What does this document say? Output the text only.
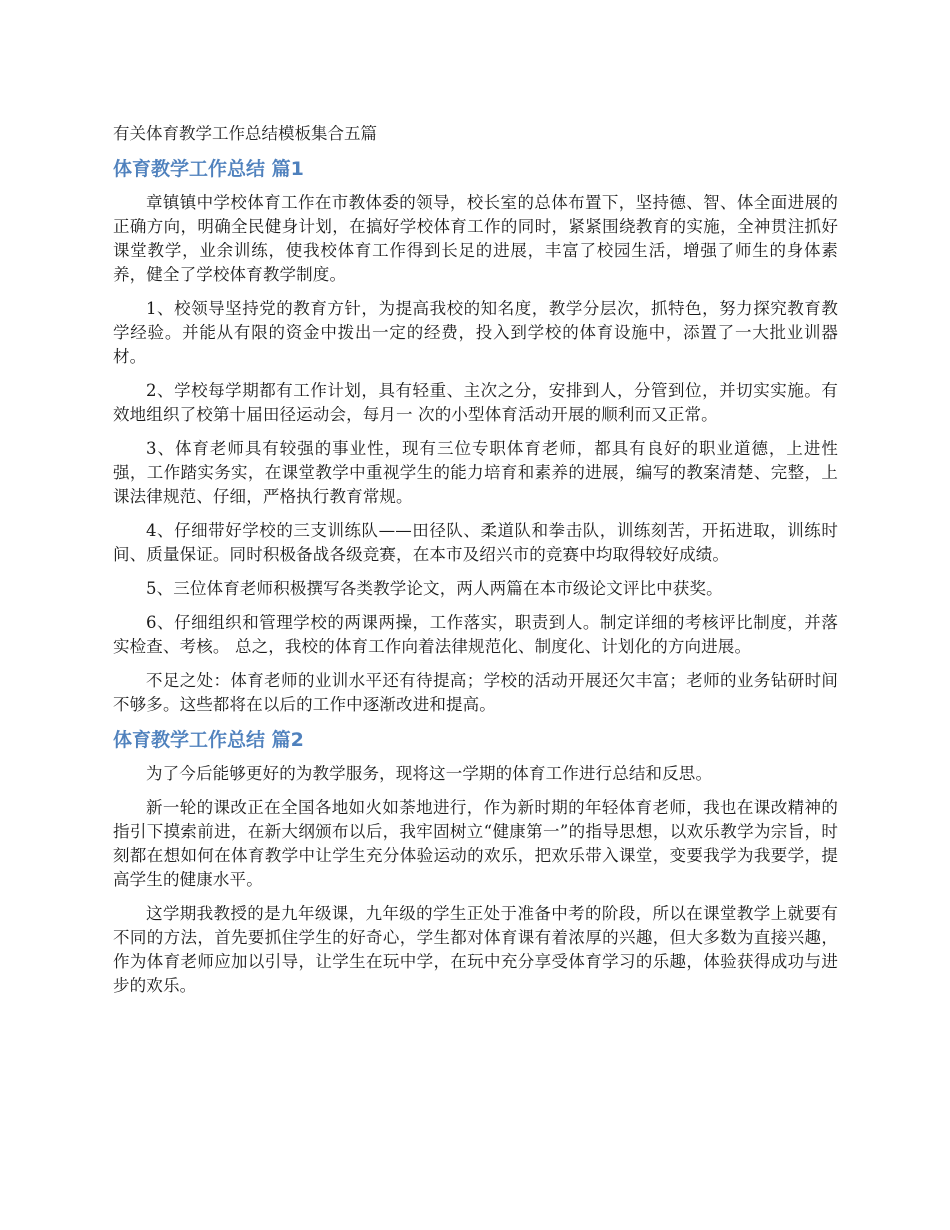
有关体育教学工作总结模板集合五篇
体育教学工作总结 篇1

章镇镇中学校体育工作在市教体委的领导，校长室的总体布置下，坚持德、智、体全面进展的正确方向，明确全民健身计划，在搞好学校体育工作的同时，紧紧围绕教育的实施，全神贯注抓好课堂教学，业余训练，使我校体育工作得到长足的进展，丰富了校园生活，增强了师生的身体素养，健全了学校体育教学制度。

1、校领导坚持党的教育方针，为提高我校的知名度，教学分层次，抓特色，努力探究教育教学经验。并能从有限的资金中拨出一定的经费，投入到学校的体育设施中，添置了一大批业训器材。

2、学校每学期都有工作计划，具有轻重、主次之分，安排到人，分管到位，并切实实施。有效地组织了校第十届田径运动会，每月一 次的小型体育活动开展的顺利而又正常。

3、体育老师具有较强的事业性，现有三位专职体育老师，都具有良好的职业道德，上进性强，工作踏实务实，在课堂教学中重视学生的能力培育和素养的进展，编写的教案清楚、完整，上课法律规范、仔细，严格执行教育常规。

4、仔细带好学校的三支训练队——田径队、柔道队和拳击队，训练刻苦，开拓进取，训练时间、质量保证。同时积极备战各级竞赛，在本市及绍兴市的竞赛中均取得较好成绩。

5、三位体育老师积极撰写各类教学论文，两人两篇在本市级论文评比中获奖。

6、仔细组织和管理学校的两课两操，工作落实，职责到人。制定详细的考核评比制度，并落实检查、考核。 总之，我校的体育工作向着法律规范化、制度化、计划化的方向进展。

不足之处：体育老师的业训水平还有待提高；学校的活动开展还欠丰富；老师的业务钻研时间不够多。这些都将在以后的工作中逐渐改进和提高。

体育教学工作总结 篇2

为了今后能够更好的为教学服务，现将这一学期的体育工作进行总结和反思。

新一轮的课改正在全国各地如火如荼地进行，作为新时期的年轻体育老师，我也在课改精神的指引下摸索前进，在新大纲颁布以后，我牢固树立“健康第一”的指导思想，以欢乐教学为宗旨，时刻都在想如何在体育教学中让学生充分体验运动的欢乐，把欢乐带入课堂，变要我学为我要学，提高学生的健康水平。

这学期我教授的是九年级课，九年级的学生正处于准备中考的阶段，所以在课堂教学上就要有不同的方法，首先要抓住学生的好奇心，学生都对体育课有着浓厚的兴趣，但大多数为直接兴趣，作为体育老师应加以引导，让学生在玩中学，在玩中充分享受体育学习的乐趣，体验获得成功与进步的欢乐。
